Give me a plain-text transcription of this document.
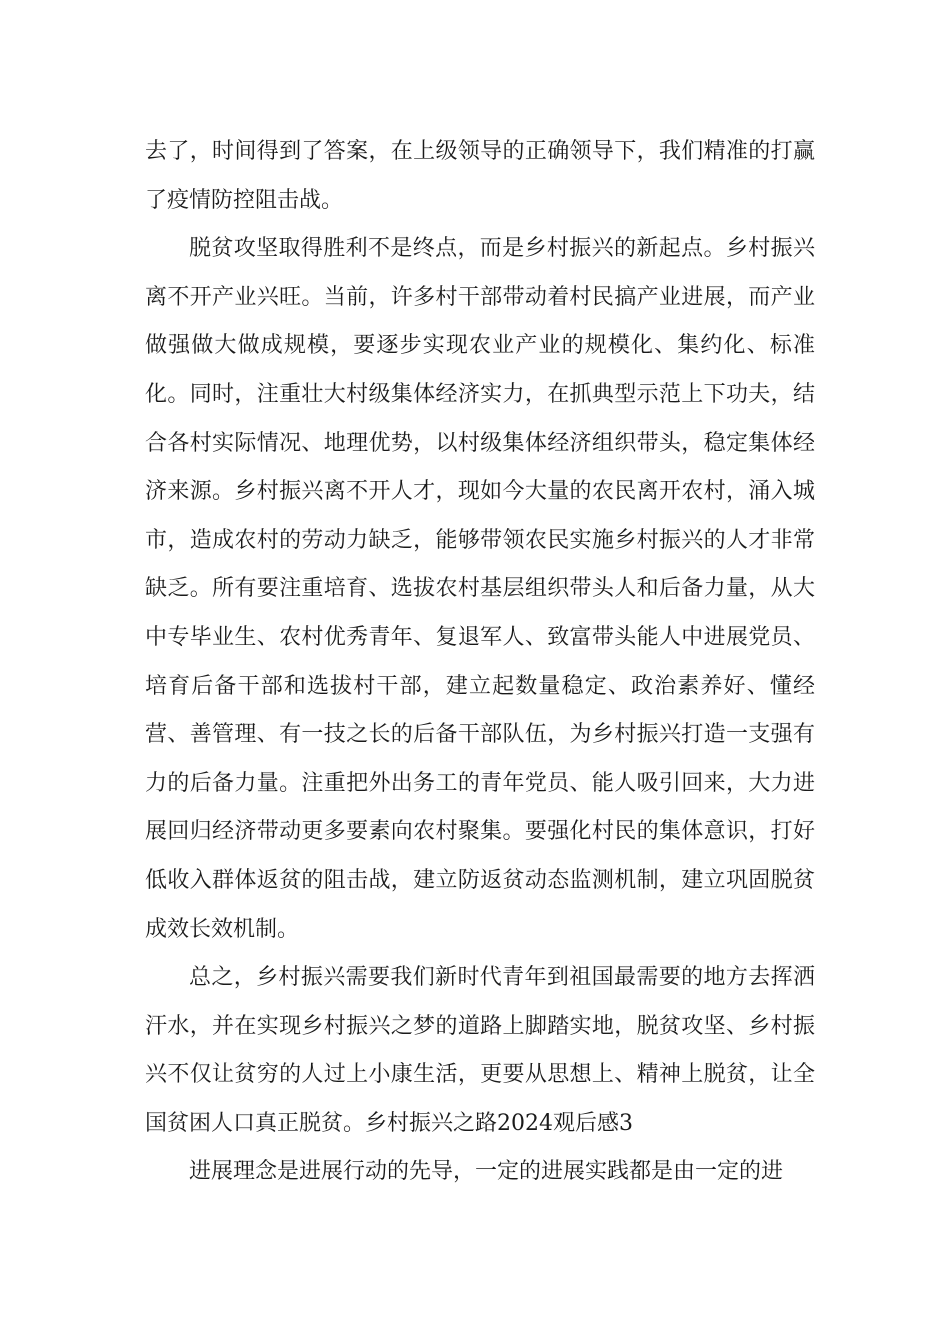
去了，时间得到了答案，在上级领导的正确领导下，我们精准的打赢了疫情防控阻击战。

脱贫攻坚取得胜利不是终点，而是乡村振兴的新起点。乡村振兴离不开产业兴旺。当前，许多村干部带动着村民搞产业进展，而产业做强做大做成规模，要逐步实现农业产业的规模化、集约化、标准化。同时，注重壮大村级集体经济实力，在抓典型示范上下功夫，结合各村实际情况、地理优势，以村级集体经济组织带头，稳定集体经济来源。乡村振兴离不开人才，现如今大量的农民离开农村，涌入城市，造成农村的劳动力缺乏，能够带领农民实施乡村振兴的人才非常缺乏。所有要注重培育、选拔农村基层组织带头人和后备力量，从大中专毕业生、农村优秀青年、复退军人、致富带头能人中进展党员、培育后备干部和选拔村干部，建立起数量稳定、政治素养好、懂经营、善管理、有一技之长的后备干部队伍，为乡村振兴打造一支强有力的后备力量。注重把外出务工的青年党员、能人吸引回来，大力进展回归经济带动更多要素向农村聚集。要强化村民的集体意识，打好低收入群体返贫的阻击战，建立防返贫动态监测机制，建立巩固脱贫成效长效机制。

总之，乡村振兴需要我们新时代青年到祖国最需要的地方去挥洒汗水，并在实现乡村振兴之梦的道路上脚踏实地，脱贫攻坚、乡村振兴不仅让贫穷的人过上小康生活，更要从思想上、精神上脱贫，让全国贫困人口真正脱贫。乡村振兴之路2024观后感3

进展理念是进展行动的先导，一定的进展实践都是由一定的进
